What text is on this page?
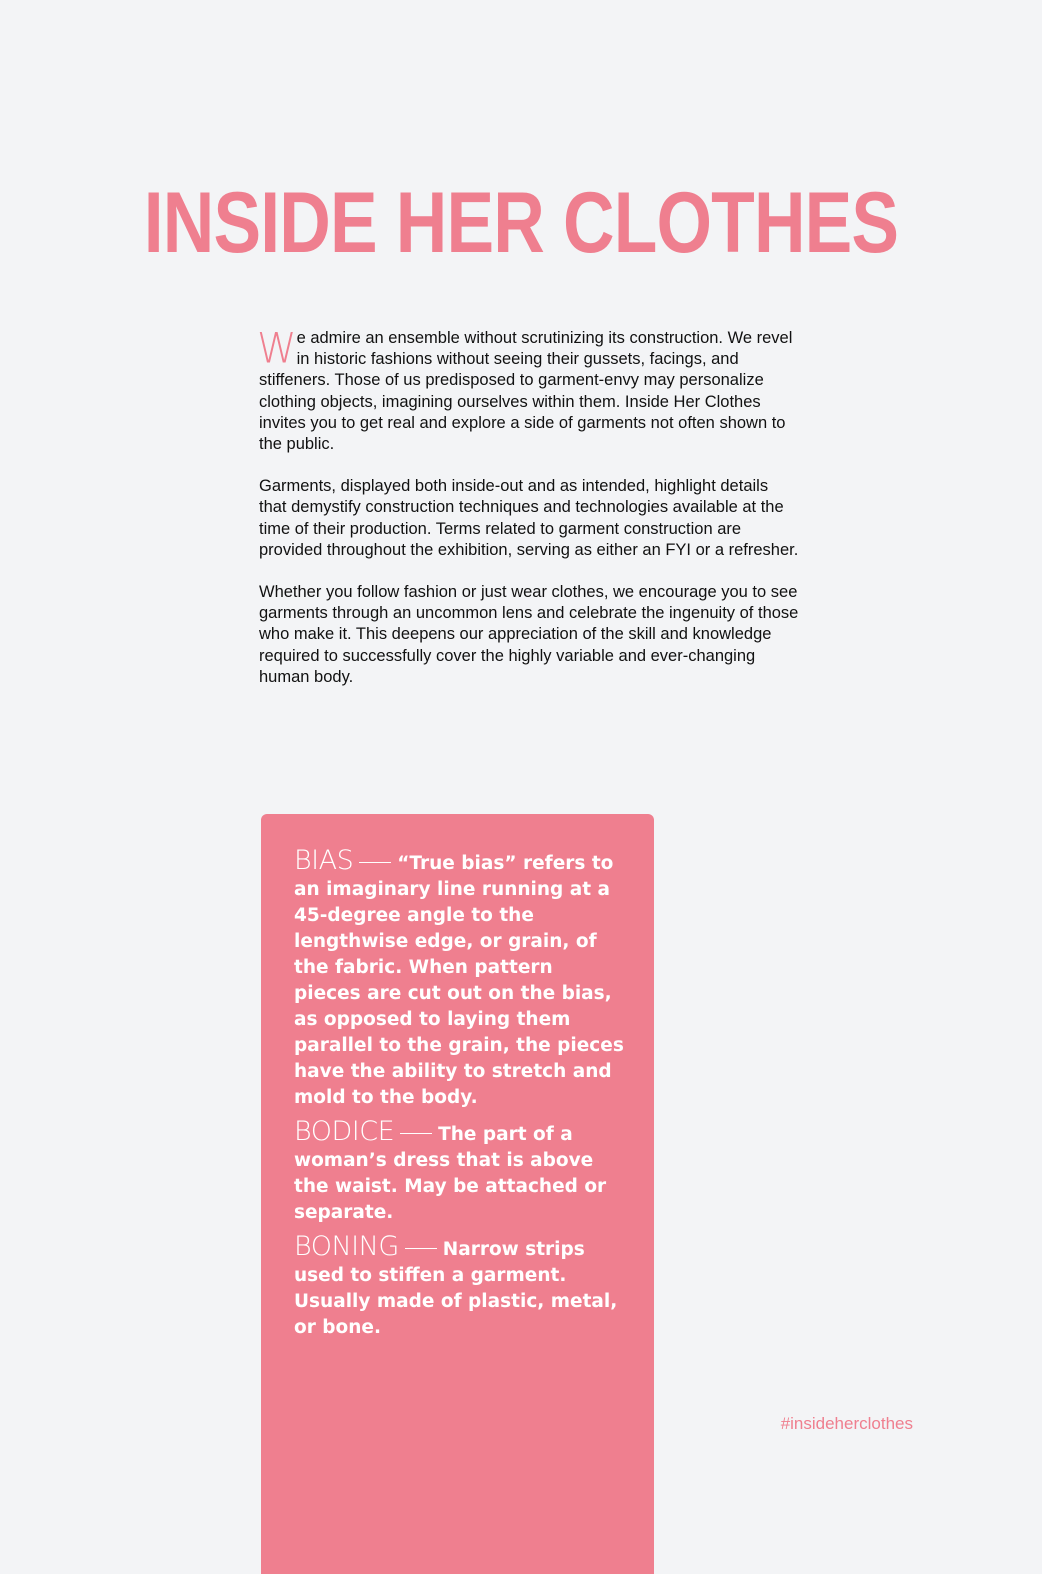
INSIDE HER CLOTHES

We admire an ensemble without scrutinizing its construction. We revel in historic fashions without seeing their gussets, facings, and stiffeners. Those of us predisposed to garment-envy may personalize clothing objects, imagining ourselves within them. Inside Her Clothes invites you to get real and explore a side of garments not often shown to the public.

Garments, displayed both inside-out and as intended, highlight details that demystify construction techniques and technologies available at the time of their production. Terms related to garment construction are provided throughout the exhibition, serving as either an FYI or a refresher.

Whether you follow fashion or just wear clothes, we encourage you to see garments through an uncommon lens and celebrate the ingenuity of those who make it. This deepens our appreciation of the skill and knowledge required to successfully cover the highly variable and ever-changing human body.

BIAS “True bias” refers to an imaginary line running at a 45-degree angle to the lengthwise edge, or grain, of the fabric. When pattern pieces are cut out on the bias, as opposed to laying them parallel to the grain, the pieces have the ability to stretch and mold to the body.
BODICE The part of a woman’s dress that is above the waist. May be attached or separate.
BONING Narrow strips used to stiffen a garment. Usually made of plastic, metal, or bone.
#insideherclothes
